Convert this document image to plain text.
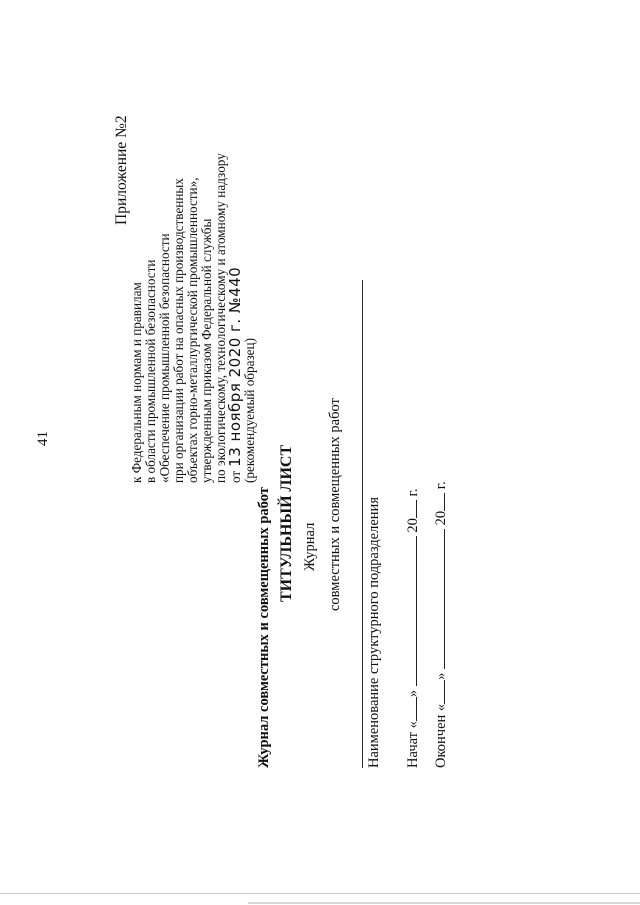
41
Приложение №2
к Федеральным нормам и правилам в области промышленной безопасности «Обеспечение промышленной безопасности при организации работ на опасных производственных объектах горно-металлургической промышленности», утвержденным приказом Федеральной службы по экологическому, технологическому и атомному надзору от 13 ноября 2020 г. №440
(рекомендуемый образец)
Журнал совместных и совмещенных работ ТИТУЛЬНЫЙ ЛИСТ Журнал совместных и совмещенных работ Наименование структурного подразделения Начат «»  20 г.
Окончен «»  20 г.
